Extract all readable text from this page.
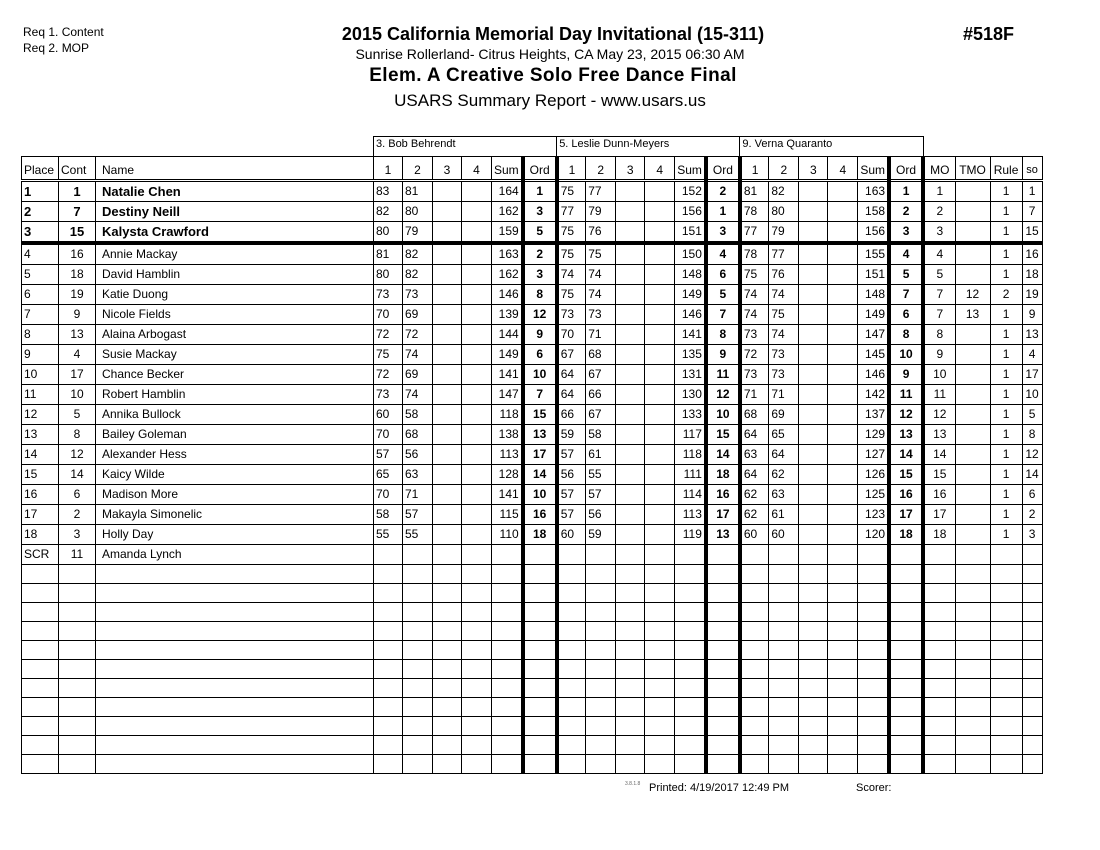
Req 1. Content
Req 2. MOP
2015 California Memorial Day Invitational (15-311)
Sunrise Rollerland- Citrus Heights, CA May 23, 2015 06:30 AM
Elem. A Creative Solo Free Dance Final
USARS Summary Report - www.usars.us
#518F
			3. Bob Behrendt						5. Leslie Dunn-Meyers						9. Verna Quaranto									
Place	Cont	Name	1	2	3	4	Sum	Ord	1	2	3	4	Sum	Ord	1	2	3	4	Sum	Ord	MO	TMO	Rule	so
1	1	Natalie Chen	83	81			164	1	75	77			152	2	81	82			163	1	1		1	1
2	7	Destiny Neill	82	80			162	3	77	79			156	1	78	80			158	2	2		1	7
3	15	Kalysta Crawford	80	79			159	5	75	76			151	3	77	79			156	3	3		1	15
4	16	Annie Mackay	81	82			163	2	75	75			150	4	78	77			155	4	4		1	16
5	18	David Hamblin	80	82			162	3	74	74			148	6	75	76			151	5	5		1	18
6	19	Katie Duong	73	73			146	8	75	74			149	5	74	74			148	7	7	12	2	19
7	9	Nicole Fields	70	69			139	12	73	73			146	7	74	75			149	6	7	13	1	9
8	13	Alaina Arbogast	72	72			144	9	70	71			141	8	73	74			147	8	8		1	13
9	4	Susie Mackay	75	74			149	6	67	68			135	9	72	73			145	10	9		1	4
10	17	Chance Becker	72	69			141	10	64	67			131	11	73	73			146	9	10		1	17
11	10	Robert Hamblin	73	74			147	7	64	66			130	12	71	71			142	11	11		1	10
12	5	Annika Bullock	60	58			118	15	66	67			133	10	68	69			137	12	12		1	5
13	8	Bailey Goleman	70	68			138	13	59	58			117	15	64	65			129	13	13		1	8
14	12	Alexander Hess	57	56			113	17	57	61			118	14	63	64			127	14	14		1	12
15	14	Kaicy Wilde	65	63			128	14	56	55			111	18	64	62			126	15	15		1	14
16	6	Madison More	70	71			141	10	57	57			114	16	62	63			125	16	16		1	6
17	2	Makayla Simonelic	58	57			115	16	57	56			113	17	62	61			123	17	17		1	2
18	3	Holly Day	55	55			110	18	60	59			119	13	60	60			120	18	18		1	3
SCR	11	Amanda Lynch																						

3.8.1.8 Printed: 4/19/2017 12:49 PM	Scorer:
